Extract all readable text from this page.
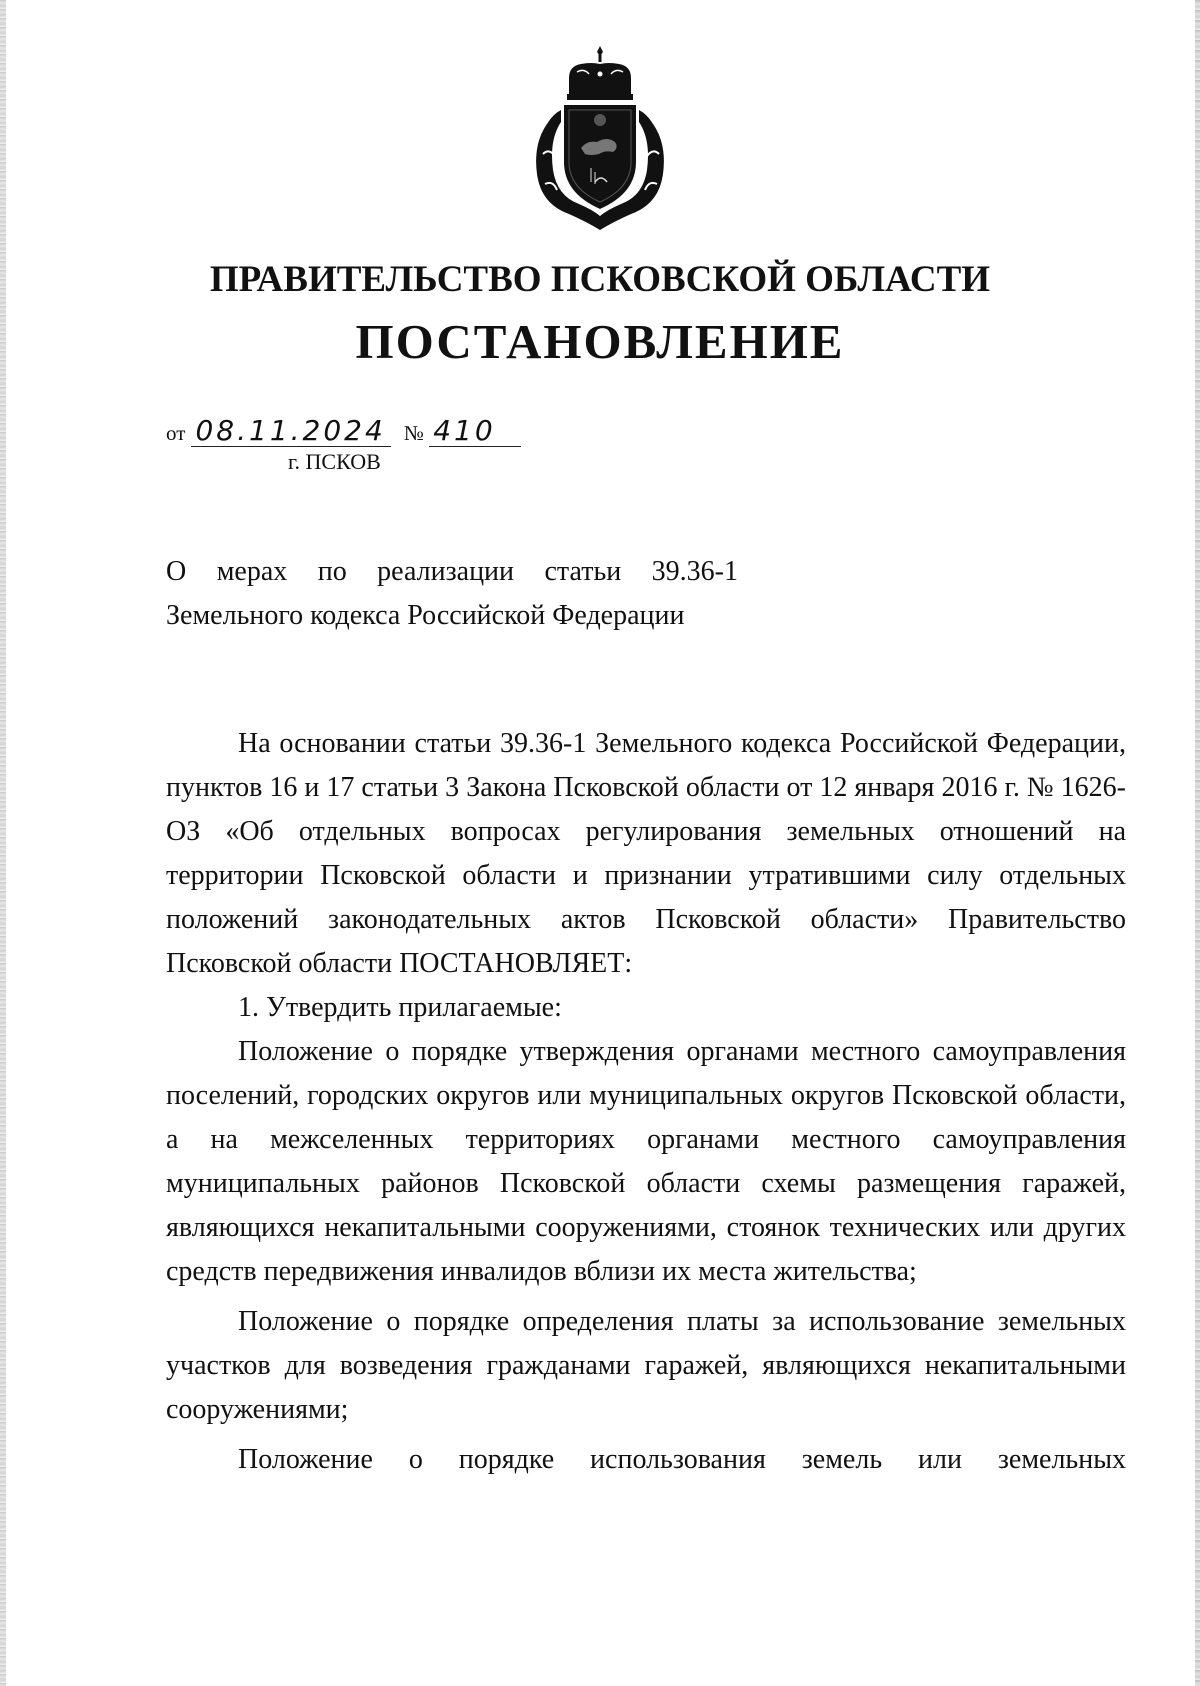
ПРАВИТЕЛЬСТВО ПСКОВСКОЙ ОБЛАСТИ
ПОСТАНОВЛЕНИЕ
от 08.11.2024 № 410
г. ПСКОВ
О мерах по реализации статьи 39.36-1
Земельного кодекса Российской Федерации

На основании статьи 39.36-1 Земельного кодекса Российской Федерации, пунктов 16 и 17 статьи 3 Закона Псковской области от 12 января 2016 г. № 1626-ОЗ «Об отдельных вопросах регулирования земельных отношений на территории Псковской области и признании утратившими силу отдельных положений законодательных актов Псковской области» Правительство Псковской области ПОСТАНОВЛЯЕТ:

1. Утвердить прилагаемые:

Положение о порядке утверждения органами местного самоуправления поселений, городских округов или муниципальных округов Псковской области, а на межселенных территориях органами местного самоуправления муниципальных районов Псковской области схемы размещения гаражей, являющихся некапитальными сооружениями, стоянок технических или других средств передвижения инвалидов вблизи их места жительства;

Положение о порядке определения платы за использование земельных участков для возведения гражданами гаражей, являющихся некапитальными сооружениями;

Положение о порядке использования земель или земельных
